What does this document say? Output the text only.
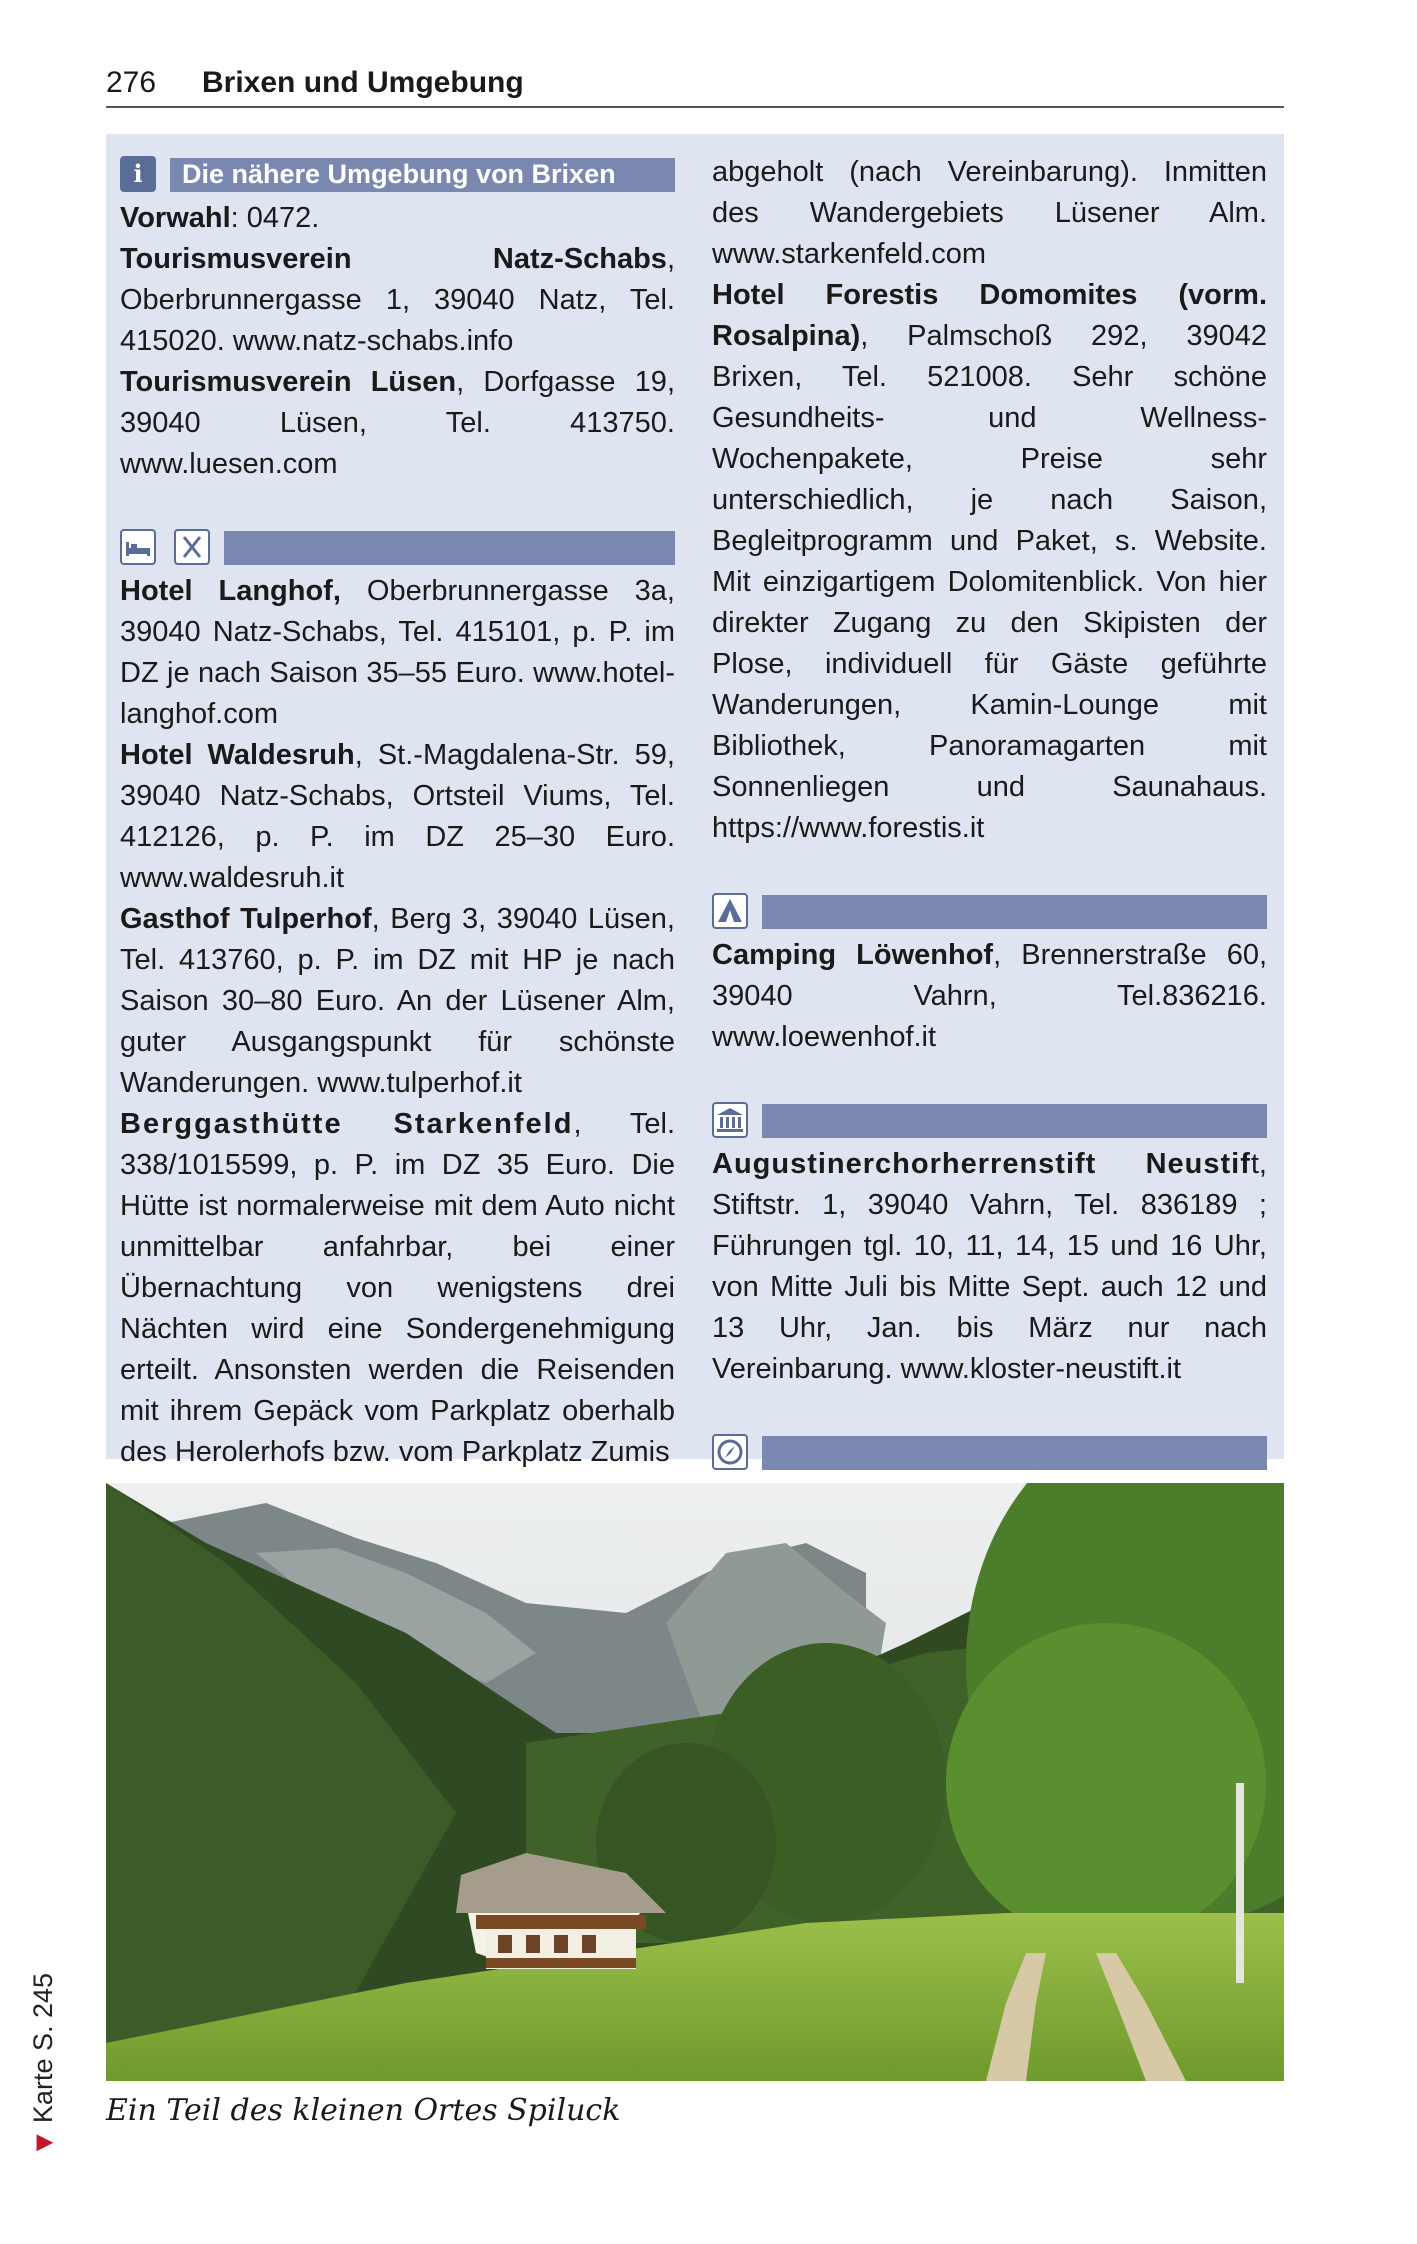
276 Brixen und Umgebung
i	Die nähere Umgebung von Brixen

Vorwahl: 0472.

Tourismusverein Natz-Schabs, Oberbrunnergasse 1, 39040 Natz, Tel. 415020. www.natz-schabs.info

Tourismusverein Lüsen, Dorfgasse 19, 39040 Lüsen, Tel. 413750. www.luesen.com

Hotel Langhof, Oberbrunnergasse 3a, 39040 Natz-Schabs, Tel. 415101, p. P. im DZ je nach Saison 35–55 Euro. www.hotel-langhof.com

Hotel Waldesruh, St.-Magdalena-Str. 59, 39040 Natz-Schabs, Ortsteil Viums, Tel. 412126, p. P. im DZ 25–30 Euro. www.waldesruh.it

Gasthof Tulperhof, Berg 3, 39040 Lüsen, Tel. 413760, p. P. im DZ mit HP je nach Saison 30–80 Euro. An der Lüsener Alm, guter Ausgangspunkt für schönste Wanderungen. www.tulperhof.it

Berggasthütte Starkenfeld, Tel. 338/1015599, p. P. im DZ 35 Euro. Die Hütte ist normalerweise mit dem Auto nicht unmittelbar anfahrbar, bei einer Übernachtung von wenigstens drei Nächten wird eine Sondergenehmigung erteilt. Ansonsten werden die Reisenden mit ihrem Gepäck vom Parkplatz oberhalb des Herolerhofs bzw. vom Parkplatz Zumis

abgeholt (nach Vereinbarung). Inmitten des Wandergebiets Lüsener Alm. www.starkenfeld.com

Hotel Forestis Domomites (vorm. Rosalpina), Palmschoß 292, 39042 Brixen, Tel. 521008. Sehr schöne Gesundheits- und Wellness-Wochenpakete, Preise sehr unterschiedlich, je nach Saison, Begleitprogramm und Paket, s. Website. Mit einzigartigem Dolomitenblick. Von hier direkter Zugang zu den Skipisten der Plose, individuell für Gäste geführte Wanderungen, Kamin-Lounge mit Bibliothek, Panoramagarten mit Sonnenliegen und Saunahaus. https://www.forestis.it

Camping Löwenhof, Brennerstraße 60, 39040 Vahrn, Tel.836216. www.loewenhof.it

Augustinerchorherrenstift Neustift, Stiftstr. 1, 39040 Vahrn, Tel. 836189 ; Führungen tgl. 10, 11, 14, 15 und 16 Uhr, von Mitte Juli bis Mitte Sept. auch 12 und 13 Uhr, Jan. bis März nur nach Vereinbarung. www.kloster-neustift.it

Ein Teil des kleinen Ortes Spiluck
▶Karte S. 245
